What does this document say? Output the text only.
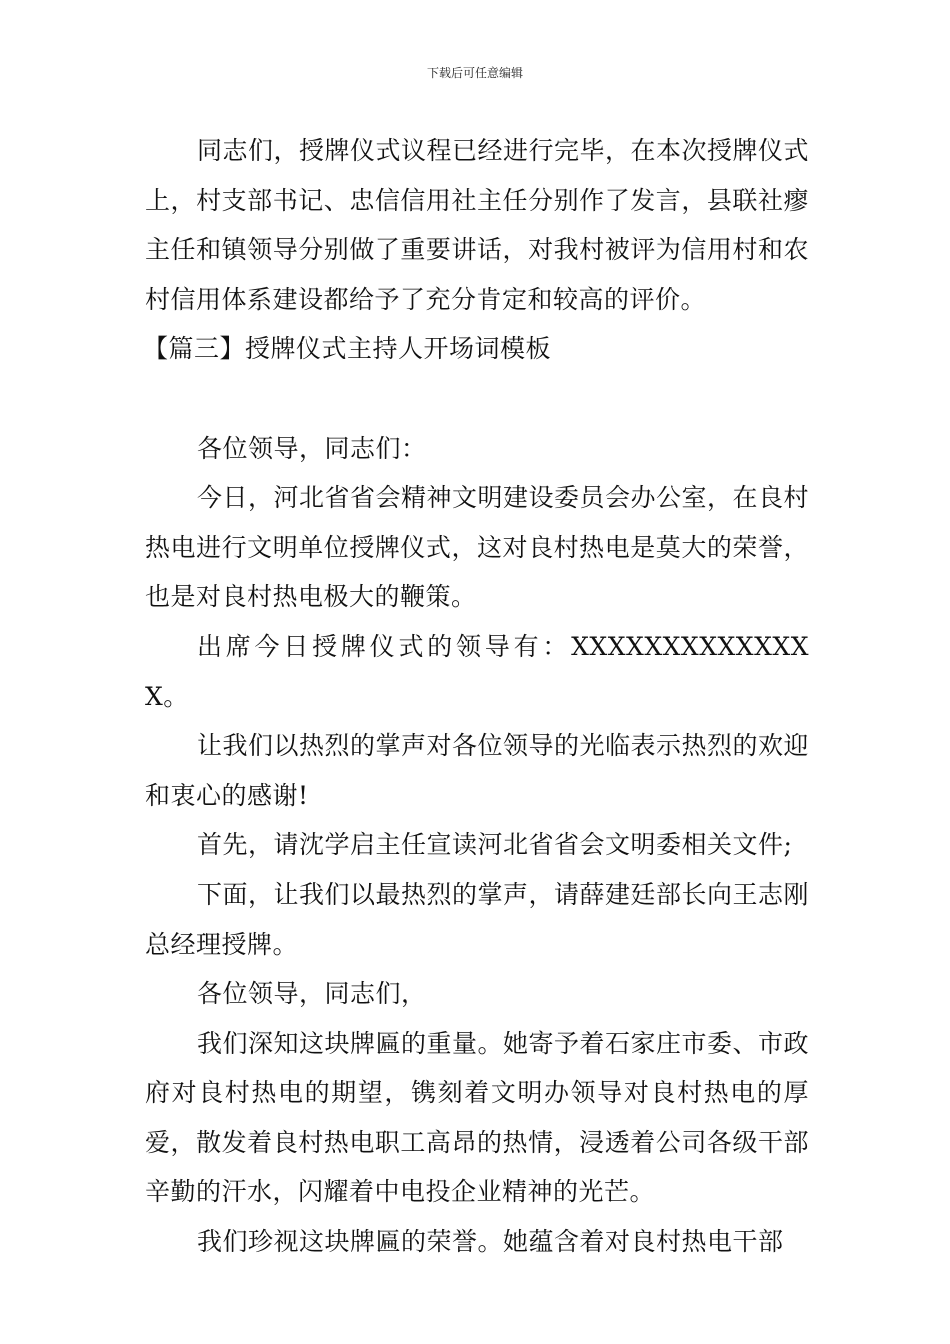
下载后可任意编辑

同志们，授牌仪式议程已经进行完毕，在本次授牌仪式上，村支部书记、忠信信用社主任分别作了发言，县联社瘳主任和镇领导分别做了重要讲话，对我村被评为信用村和农村信用体系建设都给予了充分肯定和较高的评价。

【篇三】授牌仪式主持人开场词模板

各位领导，同志们：

今日，河北省省会精神文明建设委员会办公室，在良村热电进行文明单位授牌仪式，这对良村热电是莫大的荣誉，也是对良村热电极大的鞭策。

出席今日授牌仪式的领导有：XXXXXXXXXXXXXX。

让我们以热烈的掌声对各位领导的光临表示热烈的欢迎和衷心的感谢!

首先，请沈学启主任宣读河北省省会文明委相关文件;

下面，让我们以最热烈的掌声，请薛建廷部长向王志刚总经理授牌。

各位领导，同志们，

我们深知这块牌匾的重量。她寄予着石家庄市委、市政府对良村热电的期望，镌刻着文明办领导对良村热电的厚爱，散发着良村热电职工高昂的热情，浸透着公司各级干部辛勤的汗水，闪耀着中电投企业精神的光芒。

我们珍视这块牌匾的荣誉。她蕴含着对良村热电干部
